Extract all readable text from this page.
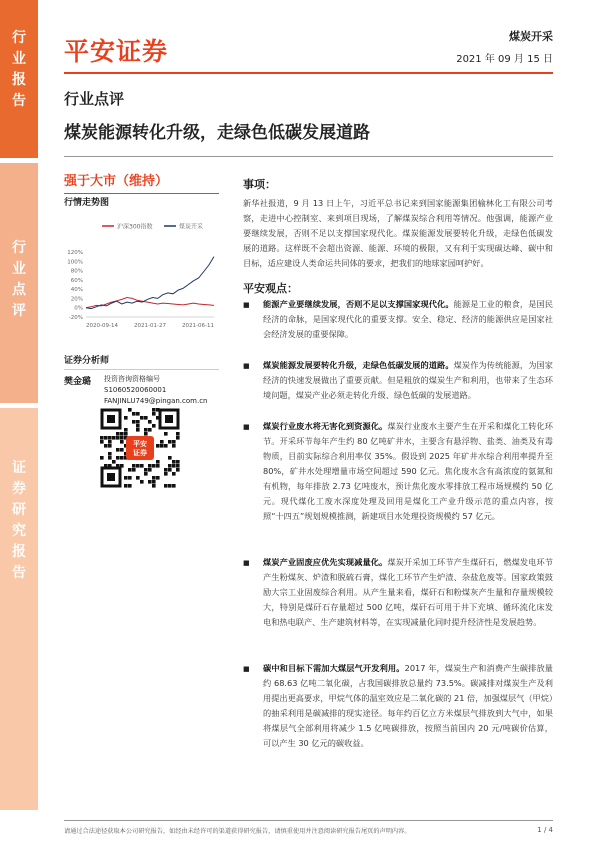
行
业
报
告
行
业
点
评
证
券
研
究
报
告
平安证券
煤炭开采
2021 年 09 月 15 日
行业点评
煤炭能源转化升级，走绿色低碳发展道路
强于大市（维持）
行情走势图
沪深300指数	煤炭开采
120%
100%
80%
60%
40%
20%
0%
-20%
2020-09-14	2021-01-27	2021-06-11
证券分析师
樊金璐 投资咨询资格编号
S1060520060001
FANJINLU749@pingan.com.cn
平安
证券
事项：
新华社报道，9 月 13 日上午，习近平总书记来到国家能源集团榆林化工有限公司考察，走进中心控制室、来到项目现场，了解煤炭综合利用等情况。他强调，能源产业要继续发展，否则不足以支撑国家现代化。煤炭能源发展要转化升级，走绿色低碳发展的道路。这样既不会超出资源、能源、环境的极限，又有利于实现碳达峰、碳中和目标，适应建设人类命运共同体的要求，把我们的地球家园呵护好。
平安观点：
■ 能源产业要继续发展，否则不足以支撑国家现代化。能源是工业的粮食，是国民经济的命脉，是国家现代化的重要支撑。安全、稳定、经济的能源供应是国家社会经济发展的重要保障。
■ 煤炭能源发展要转化升级，走绿色低碳发展的道路。煤炭作为传统能源，为国家经济的快速发展做出了重要贡献。但是粗放的煤炭生产和利用，也带来了生态环境问题，煤炭产业必须走转化升级、绿色低碳的发展道路。
■ 煤炭行业废水将无害化到资源化。煤炭行业废水主要产生在开采和煤化工转化环节。开采环节每年产生约 80 亿吨矿井水，主要含有悬浮物、盐类、油类及有毒物质，目前实际综合利用率仅 35%。假设到 2025 年矿井水综合利用率提升至 80%，矿井水处理增量市场空间超过 590 亿元。焦化废水含有高浓度的氨氮和有机物，每年排放 2.73 亿吨废水，预计焦化废水零排放工程市场规模约 50 亿元。现代煤化工废水深度处理及回用是煤化工产业升级示范的重点内容，按照“十四五”规划规模推测，新建项目水处理投资规模约 57 亿元。
■ 煤炭产业固废应优先实现减量化。煤炭开采加工环节产生煤矸石，燃煤发电环节产生粉煤灰、炉渣和脱硫石膏，煤化工环节产生炉渣、杂盐危废等。国家政策鼓励大宗工业固废综合利用。从产生量来看，煤矸石和粉煤灰产生量和存量规模较大，特别是煤矸石存量超过 500 亿吨，煤矸石可用于井下充填、循环流化床发电和热电联产、生产建筑材料等，在实现减量化同时提升经济性是发展趋势。
■ 碳中和目标下需加大煤层气开发利用。2017 年，煤炭生产和消费产生碳排放量约 68.63 亿吨二氧化碳，占我国碳排放总量约 73.5%。碳减排对煤炭生产及利用提出更高要求，甲烷气体的温室效应是二氧化碳的 21 倍，加强煤层气（甲烷）的抽采利用是碳减排的现实途径。每年约百亿立方米煤层气排放到大气中，如果将煤层气全部利用将减少 1.5 亿吨碳排放，按照当前国内 20 元/吨碳价估算，可以产生 30 亿元的碳收益。
请通过合法途径获取本公司研究报告，如经由未经许可的渠道获得研究报告，请慎重使用并注意阅读研究报告尾页的声明内容。	1 / 4
